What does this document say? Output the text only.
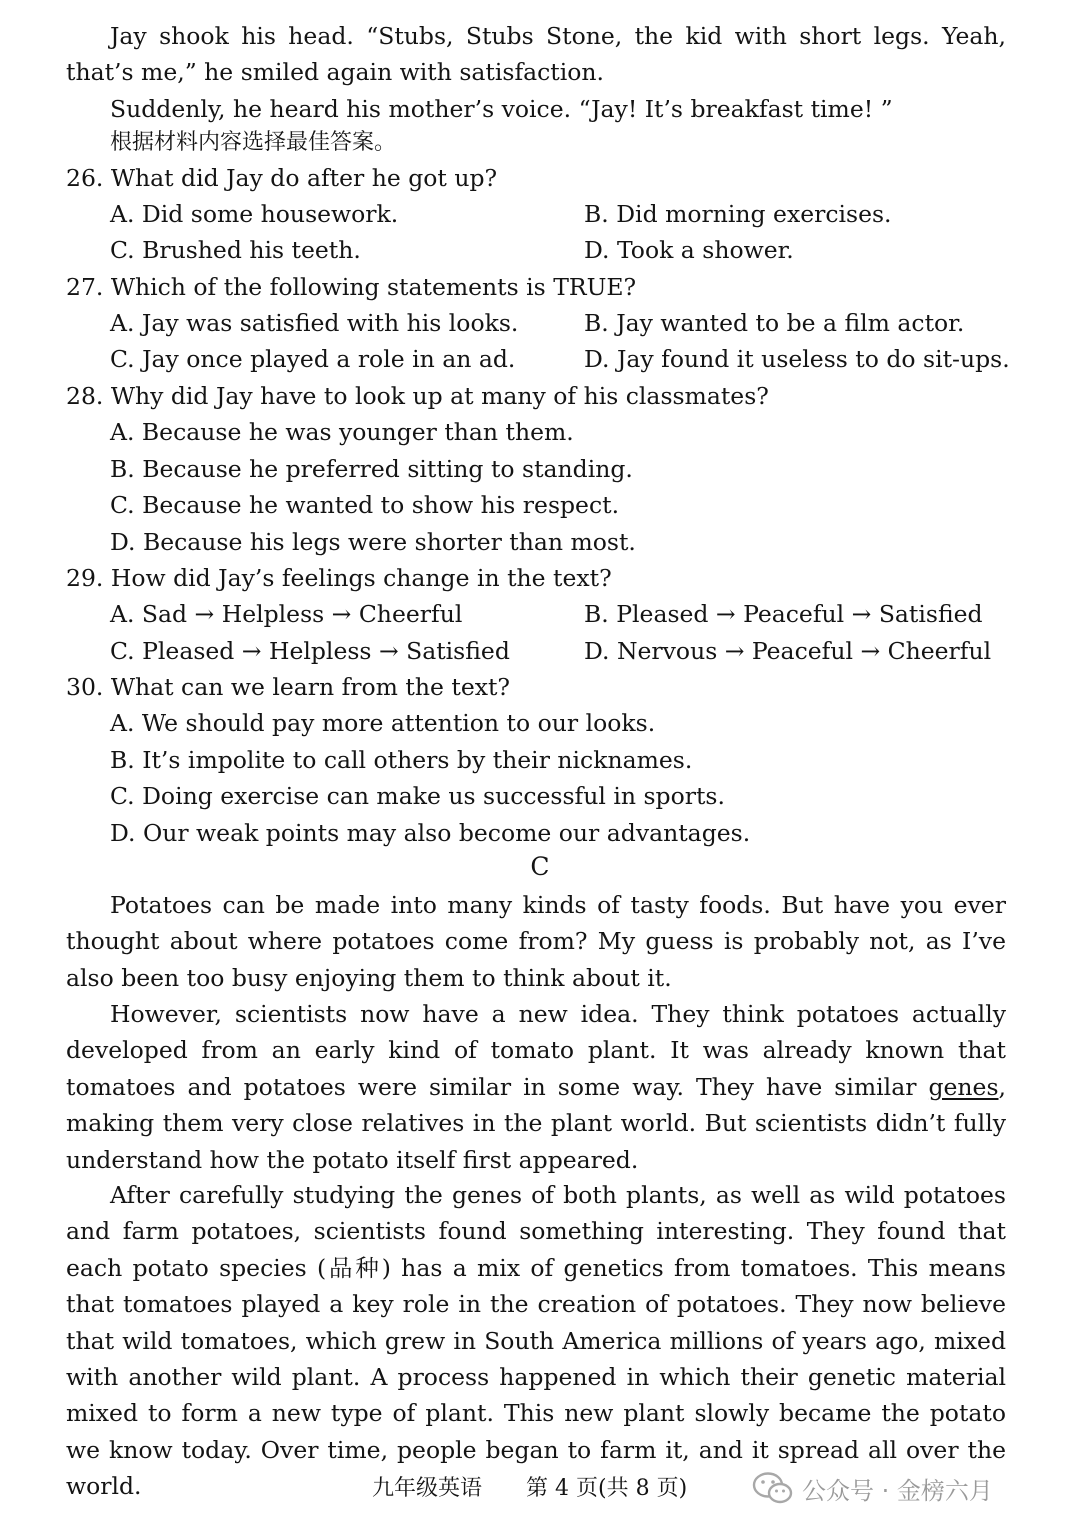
Jay shook his head. “Stubs, Stubs Stone, the kid with short legs. Yeah, that’s me,” he smiled again with satisfaction.

Suddenly, he heard his mother’s voice. “Jay! It’s breakfast time! ”

根据材料内容选择最佳答案。

26. What did Jay do after he got up?

A. Did some housework.	B. Did morning exercises.

C. Brushed his teeth.	D. Took a shower.

27. Which of the following statements is TRUE?

A. Jay was satisfied with his looks.	B. Jay wanted to be a film actor.

C. Jay once played a role in an ad.	D. Jay found it useless to do sit-ups.

28. Why did Jay have to look up at many of his classmates?

A. Because he was younger than them.

B. Because he preferred sitting to standing.

C. Because he wanted to show his respect.

D. Because his legs were shorter than most.

29. How did Jay’s feelings change in the text?

A. Sad → Helpless → Cheerful	B. Pleased → Peaceful → Satisfied

C. Pleased → Helpless → Satisfied	D. Nervous → Peaceful → Cheerful

30. What can we learn from the text?

A. We should pay more attention to our looks.

B. It’s impolite to call others by their nicknames.

C. Doing exercise can make us successful in sports.

D. Our weak points may also become our advantages.

C

Potatoes can be made into many kinds of tasty foods. But have you ever thought about where potatoes come from? My guess is probably not, as I’ve also been too busy enjoying them to think about it.

However, scientists now have a new idea. They think potatoes actually developed from an early kind of tomato plant. It was already known that tomatoes and potatoes were similar in some way. They have similar genes, making them very close relatives in the plant world. But scientists didn’t fully understand how the potato itself first appeared.

After carefully studying the genes of both plants, as well as wild potatoes and farm potatoes, scientists found something interesting. They found that each potato species (品种) has a mix of genetics from tomatoes. This means that tomatoes played a key role in the creation of potatoes. They now believe that wild tomatoes, which grew in South America millions of years ago, mixed with another wild plant. A process happened in which their genetic material mixed to form a new type of plant. This new plant slowly became the potato we know today. Over time, people began to farm it, and it spread all over the world.	九年级英语 第 4 页(共 8 页)	公众号 · 金榜六月
